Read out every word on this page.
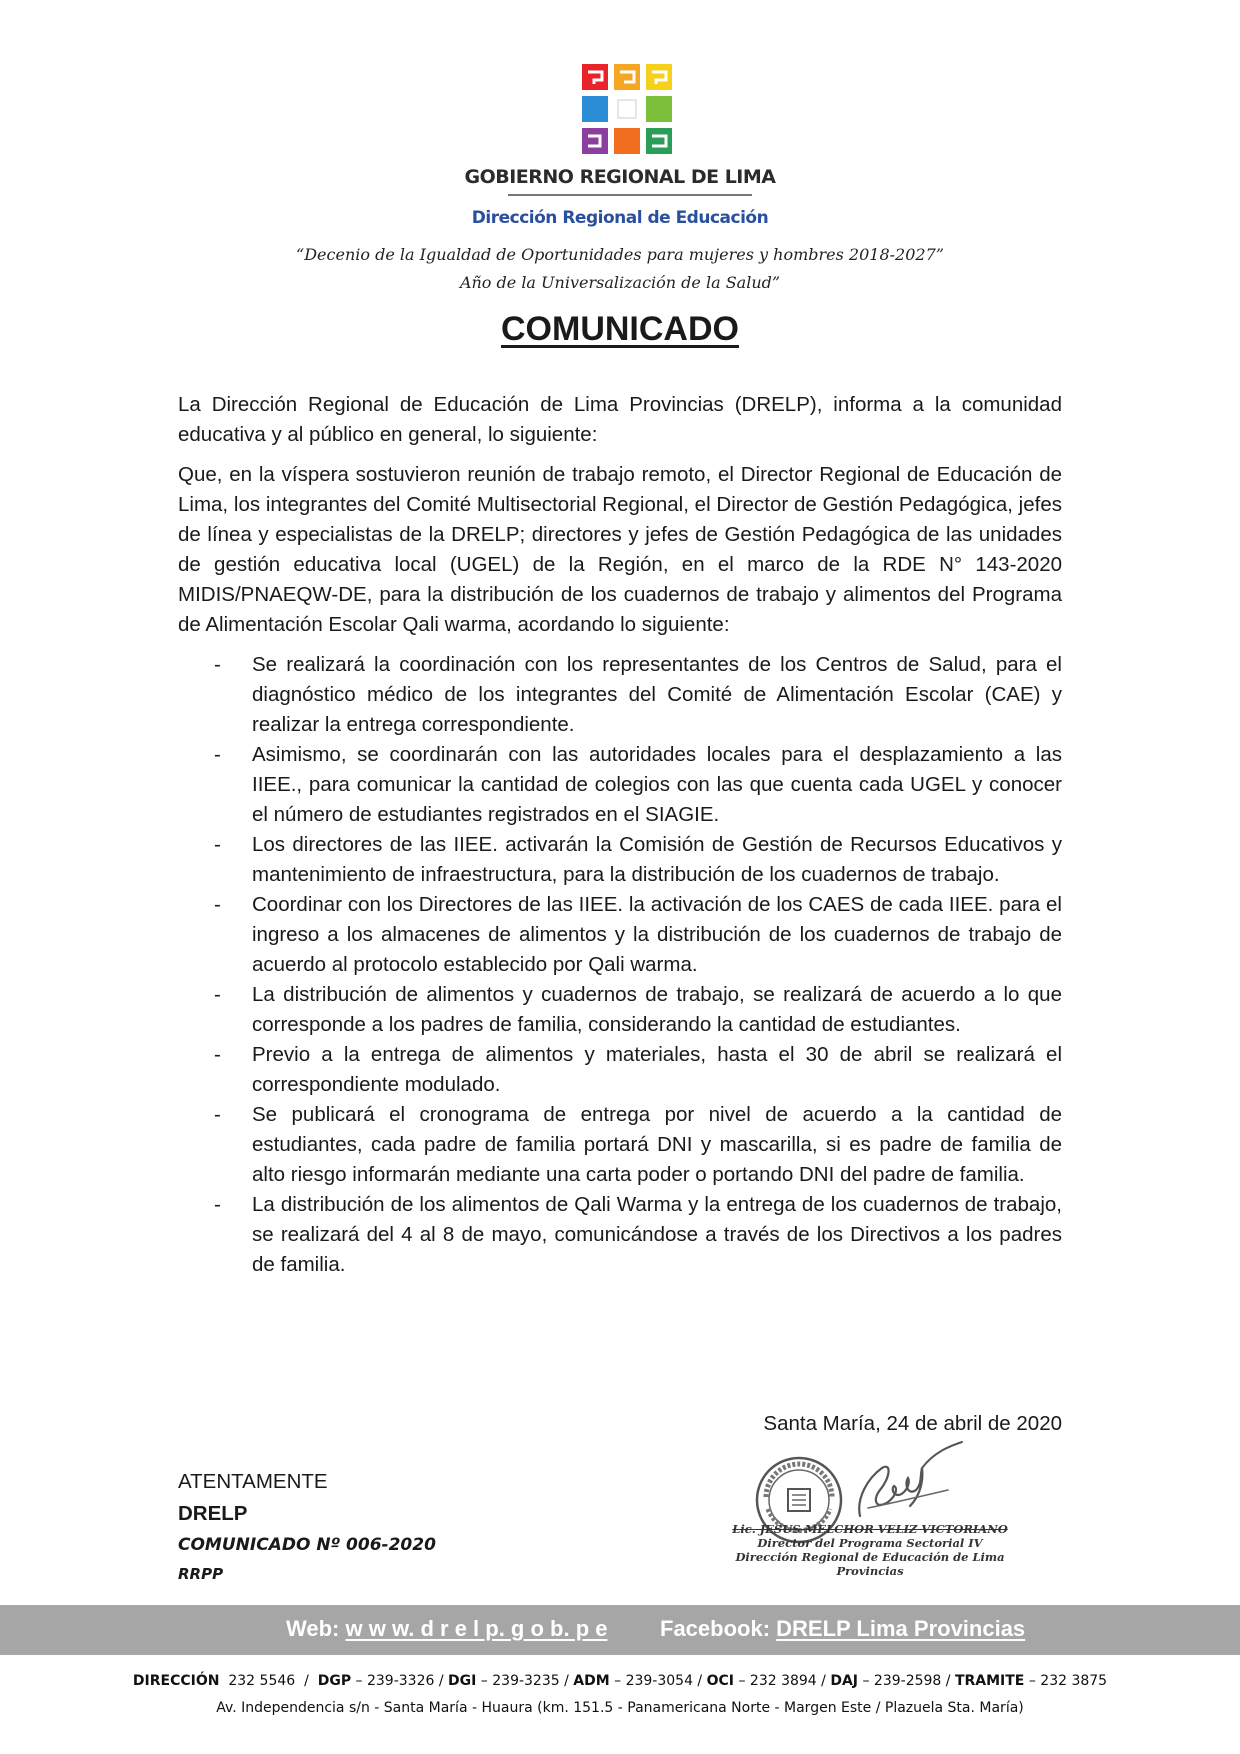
GOBIERNO REGIONAL DE LIMA
Dirección Regional de Educación
“Decenio de la Igualdad de Oportunidades para mujeres y hombres 2018-2027”
Año de la Universalización de la Salud”
COMUNICADO

La Dirección Regional de Educación de Lima Provincias (DRELP), informa a la comunidad educativa y al público en general, lo siguiente:

Que, en la víspera sostuvieron reunión de trabajo remoto, el Director Regional de Educación de Lima, los integrantes del Comité Multisectorial Regional, el Director de Gestión Pedagógica, jefes de línea y especialistas de la DRELP; directores y jefes de Gestión Pedagógica de las unidades de gestión educativa local (UGEL) de la Región, en el marco de la RDE N° 143-2020 MIDIS/PNAEQW-DE, para la distribución de los cuadernos de trabajo y alimentos del Programa de Alimentación Escolar Qali warma, acordando lo siguiente:

- Se realizará la coordinación con los representantes de los Centros de Salud, para el diagnóstico médico de los integrantes del Comité de Alimentación Escolar (CAE) y realizar la entrega correspondiente.
- Asimismo, se coordinarán con las autoridades locales para el desplazamiento a las IIEE., para comunicar la cantidad de colegios con las que cuenta cada UGEL y conocer el número de estudiantes registrados en el SIAGIE.
- Los directores de las IIEE. activarán la Comisión de Gestión de Recursos Educativos y mantenimiento de infraestructura, para la distribución de los cuadernos de trabajo.
- Coordinar con los Directores de las IIEE. la activación de los CAES de cada IIEE. para el ingreso a los almacenes de alimentos y la distribución de los cuadernos de trabajo de acuerdo al protocolo establecido por Qali warma.
- La distribución de alimentos y cuadernos de trabajo, se realizará de acuerdo a lo que corresponde a los padres de familia, considerando la cantidad de estudiantes.
- Previo a la entrega de alimentos y materiales, hasta el 30 de abril se realizará el correspondiente modulado.
- Se publicará el cronograma de entrega por nivel de acuerdo a la cantidad de estudiantes, cada padre de familia portará DNI y mascarilla, si es padre de familia de alto riesgo informarán mediante una carta poder o portando DNI del padre de familia.
- La distribución de los alimentos de Qali Warma y la entrega de los cuadernos de trabajo, se realizará del 4 al 8 de mayo, comunicándose a través de los Directivos a los padres de familia.
Santa María, 24 de abril de 2020
ATENTAMENTE
DRELP
COMUNICADO Nº 006-2020
RRPP
Lic. JESUS MELCHOR VELIZ VICTORIANO
Director del Programa Sectorial IV
Dirección Regional de Educación de Lima Provincias
Web: w w w. d r e l p. g o b. p e Facebook: DRELP Lima Provincias
DIRECCIÓN 232 5546  /  DGP – 239-3326 / DGI – 239-3235 / ADM – 239-3054 / OCI – 232 3894 / DAJ – 239-2598 / TRAMITE – 232 3875
Av. Independencia s/n - Santa María - Huaura (km. 151.5 - Panamericana Norte - Margen Este / Plazuela Sta. María)
